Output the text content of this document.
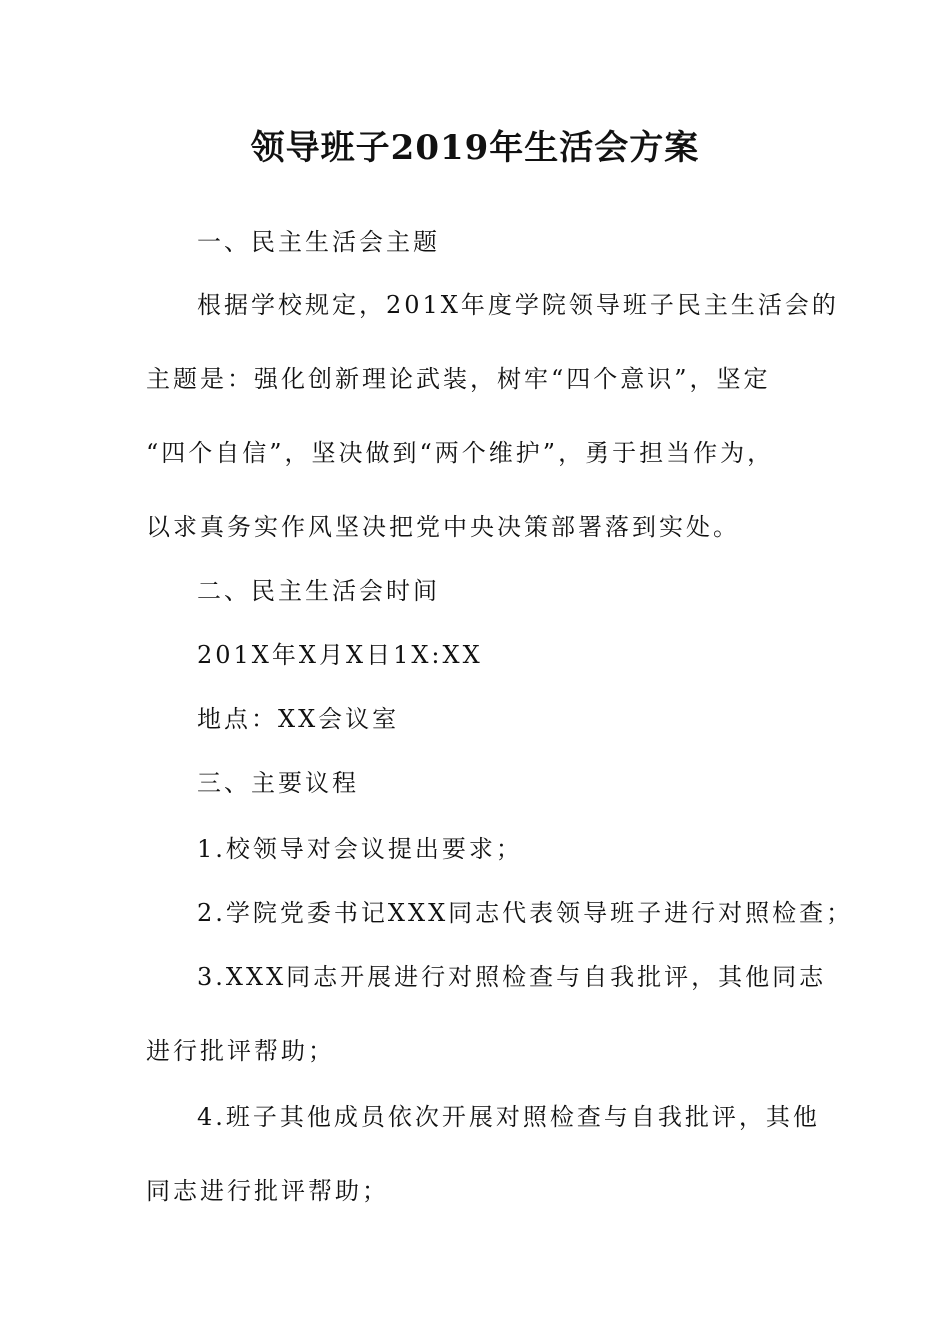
领导班子2019年生活会方案

一、民主生活会主题

根据学校规定，201X年度学院领导班子民主生活会的

主题是：强化创新理论武装，树牢“四个意识”，坚定

“四个自信”，坚决做到“两个维护”，勇于担当作为，

以求真务实作风坚决把党中央决策部署落到实处。

二、民主生活会时间

201X年X月X日1X:XX

地点：XX会议室

三、主要议程

1.校领导对会议提出要求；

2.学院党委书记XXX同志代表领导班子进行对照检查；

3.XXX同志开展进行对照检查与自我批评，其他同志

进行批评帮助；

4.班子其他成员依次开展对照检查与自我批评，其他

同志进行批评帮助；
